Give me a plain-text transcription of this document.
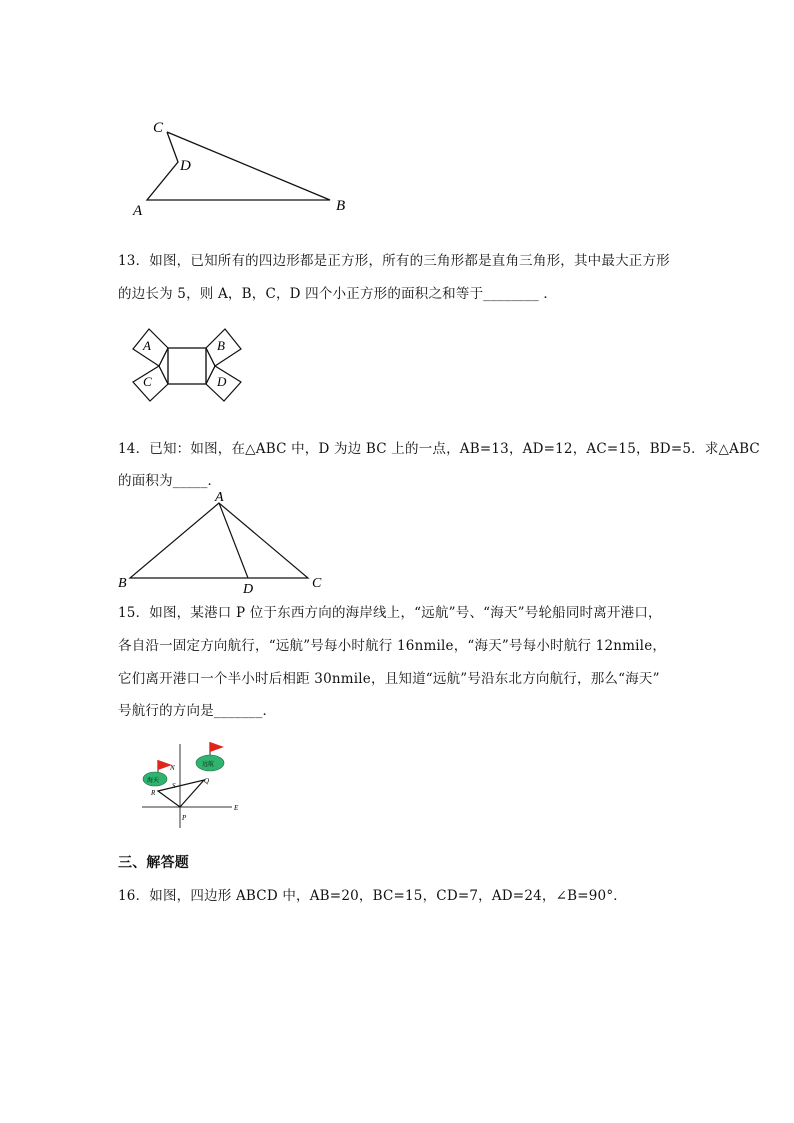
C
D
A	B
13．如图，已知所有的四边形都是正方形，所有的三角形都是直角三角形，其中最大正方形
的边长为 5，则 A，B，C，D 四个小正方形的面积之和等于________ ．
A	B
C	D
14．已知：如图，在△ABC 中，D 为边 BC 上的一点，AB=13，AD=12，AC=15，BD=5．求△ABC
的面积为_____．
A
B	D	C
15．如图，某港口 P 位于东西方向的海岸线上，“远航”号、“海天”号轮船同时离开港口，
各自沿一固定方向航行，“远航”号每小时航行 16nmile，“海天”号每小时航行 12nmile，
它们离开港口一个半小时后相距 30nmile，且知道“远航”号沿东北方向航行，那么“海天”
号航行的方向是_______．
N
E
S
R
Q
P
海天
远航
三、解答题
16．如图，四边形 ABCD 中，AB=20，BC=15，CD=7，AD=24，∠B=90°．
